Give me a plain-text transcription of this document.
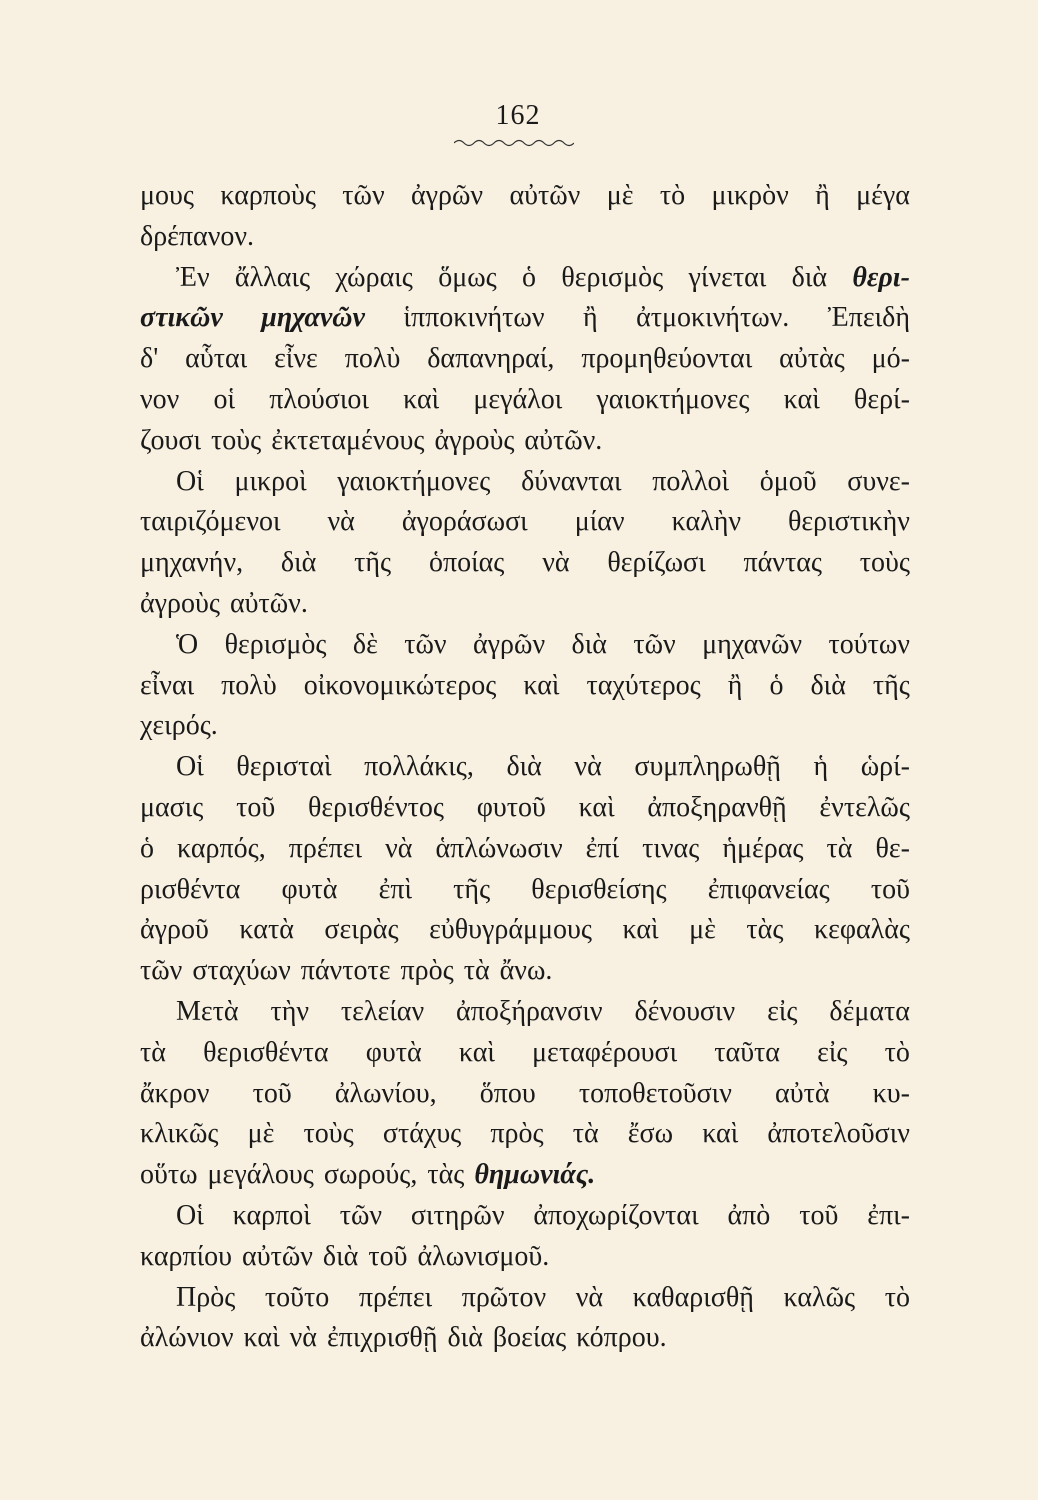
162
μους καρποὺς τῶν ἀγρῶν αὐτῶν μὲ τὸ μικρὸν ἢ μέγα
δρέπανον.
Ἐν ἄλλαις χώραις ὅμως ὁ θερισμὸς γίνεται διὰ θερι-
στικῶν μηχανῶν ἱπποκινήτων ἢ ἀτμοκινήτων. Ἐπειδὴ
δ' αὗται εἶνε πολὺ δαπανηραί, προμηθεύονται αὐτὰς μό-
νον οἱ πλούσιοι καὶ μεγάλοι γαιοκτήμονες καὶ θερί-
ζουσι τοὺς ἐκτεταμένους ἀγροὺς αὐτῶν.
Οἱ μικροὶ γαιοκτήμονες δύνανται πολλοὶ ὁμοῦ συνε-
ταιριζόμενοι νὰ ἀγοράσωσι μίαν καλὴν θεριστικὴν
μηχανήν, διὰ τῆς ὁποίας νὰ θερίζωσι πάντας τοὺς
ἀγροὺς αὐτῶν.
Ὁ θερισμὸς δὲ τῶν ἀγρῶν διὰ τῶν μηχανῶν τούτων
εἶναι πολὺ οἰκονομικώτερος καὶ ταχύτερος ἢ ὁ διὰ τῆς
χειρός.
Οἱ θερισταὶ πολλάκις, διὰ νὰ συμπληρωθῇ ἡ ὡρί-
μασις τοῦ θερισθέντος φυτοῦ καὶ ἀποξηρανθῇ ἐντελῶς
ὁ καρπός, πρέπει νὰ ἁπλώνωσιν ἐπί τινας ἡμέρας τὰ θε-
ρισθέντα φυτὰ ἐπὶ τῆς θερισθείσης ἐπιφανείας τοῦ
ἀγροῦ κατὰ σειρὰς εὐθυγράμμους καὶ μὲ τὰς κεφαλὰς
τῶν σταχύων πάντοτε πρὸς τὰ ἄνω.
Μετὰ τὴν τελείαν ἀποξήρανσιν δένουσιν εἰς δέματα
τὰ θερισθέντα φυτὰ καὶ μεταφέρουσι ταῦτα εἰς τὸ
ἄκρον τοῦ ἀλωνίου, ὅπου τοποθετοῦσιν αὐτὰ κυ-
κλικῶς μὲ τοὺς στάχυς πρὸς τὰ ἔσω καὶ ἀποτελοῦσιν
οὕτω μεγάλους σωρούς, τὰς θημωνιάς.
Οἱ καρποὶ τῶν σιτηρῶν ἀποχωρίζονται ἀπὸ τοῦ ἐπι-
καρπίου αὐτῶν διὰ τοῦ ἀλωνισμοῦ.
Πρὸς τοῦτο πρέπει πρῶτον νὰ καθαρισθῇ καλῶς τὸ
ἀλώνιον καὶ νὰ ἐπιχρισθῇ διὰ βοείας κόπρου.
